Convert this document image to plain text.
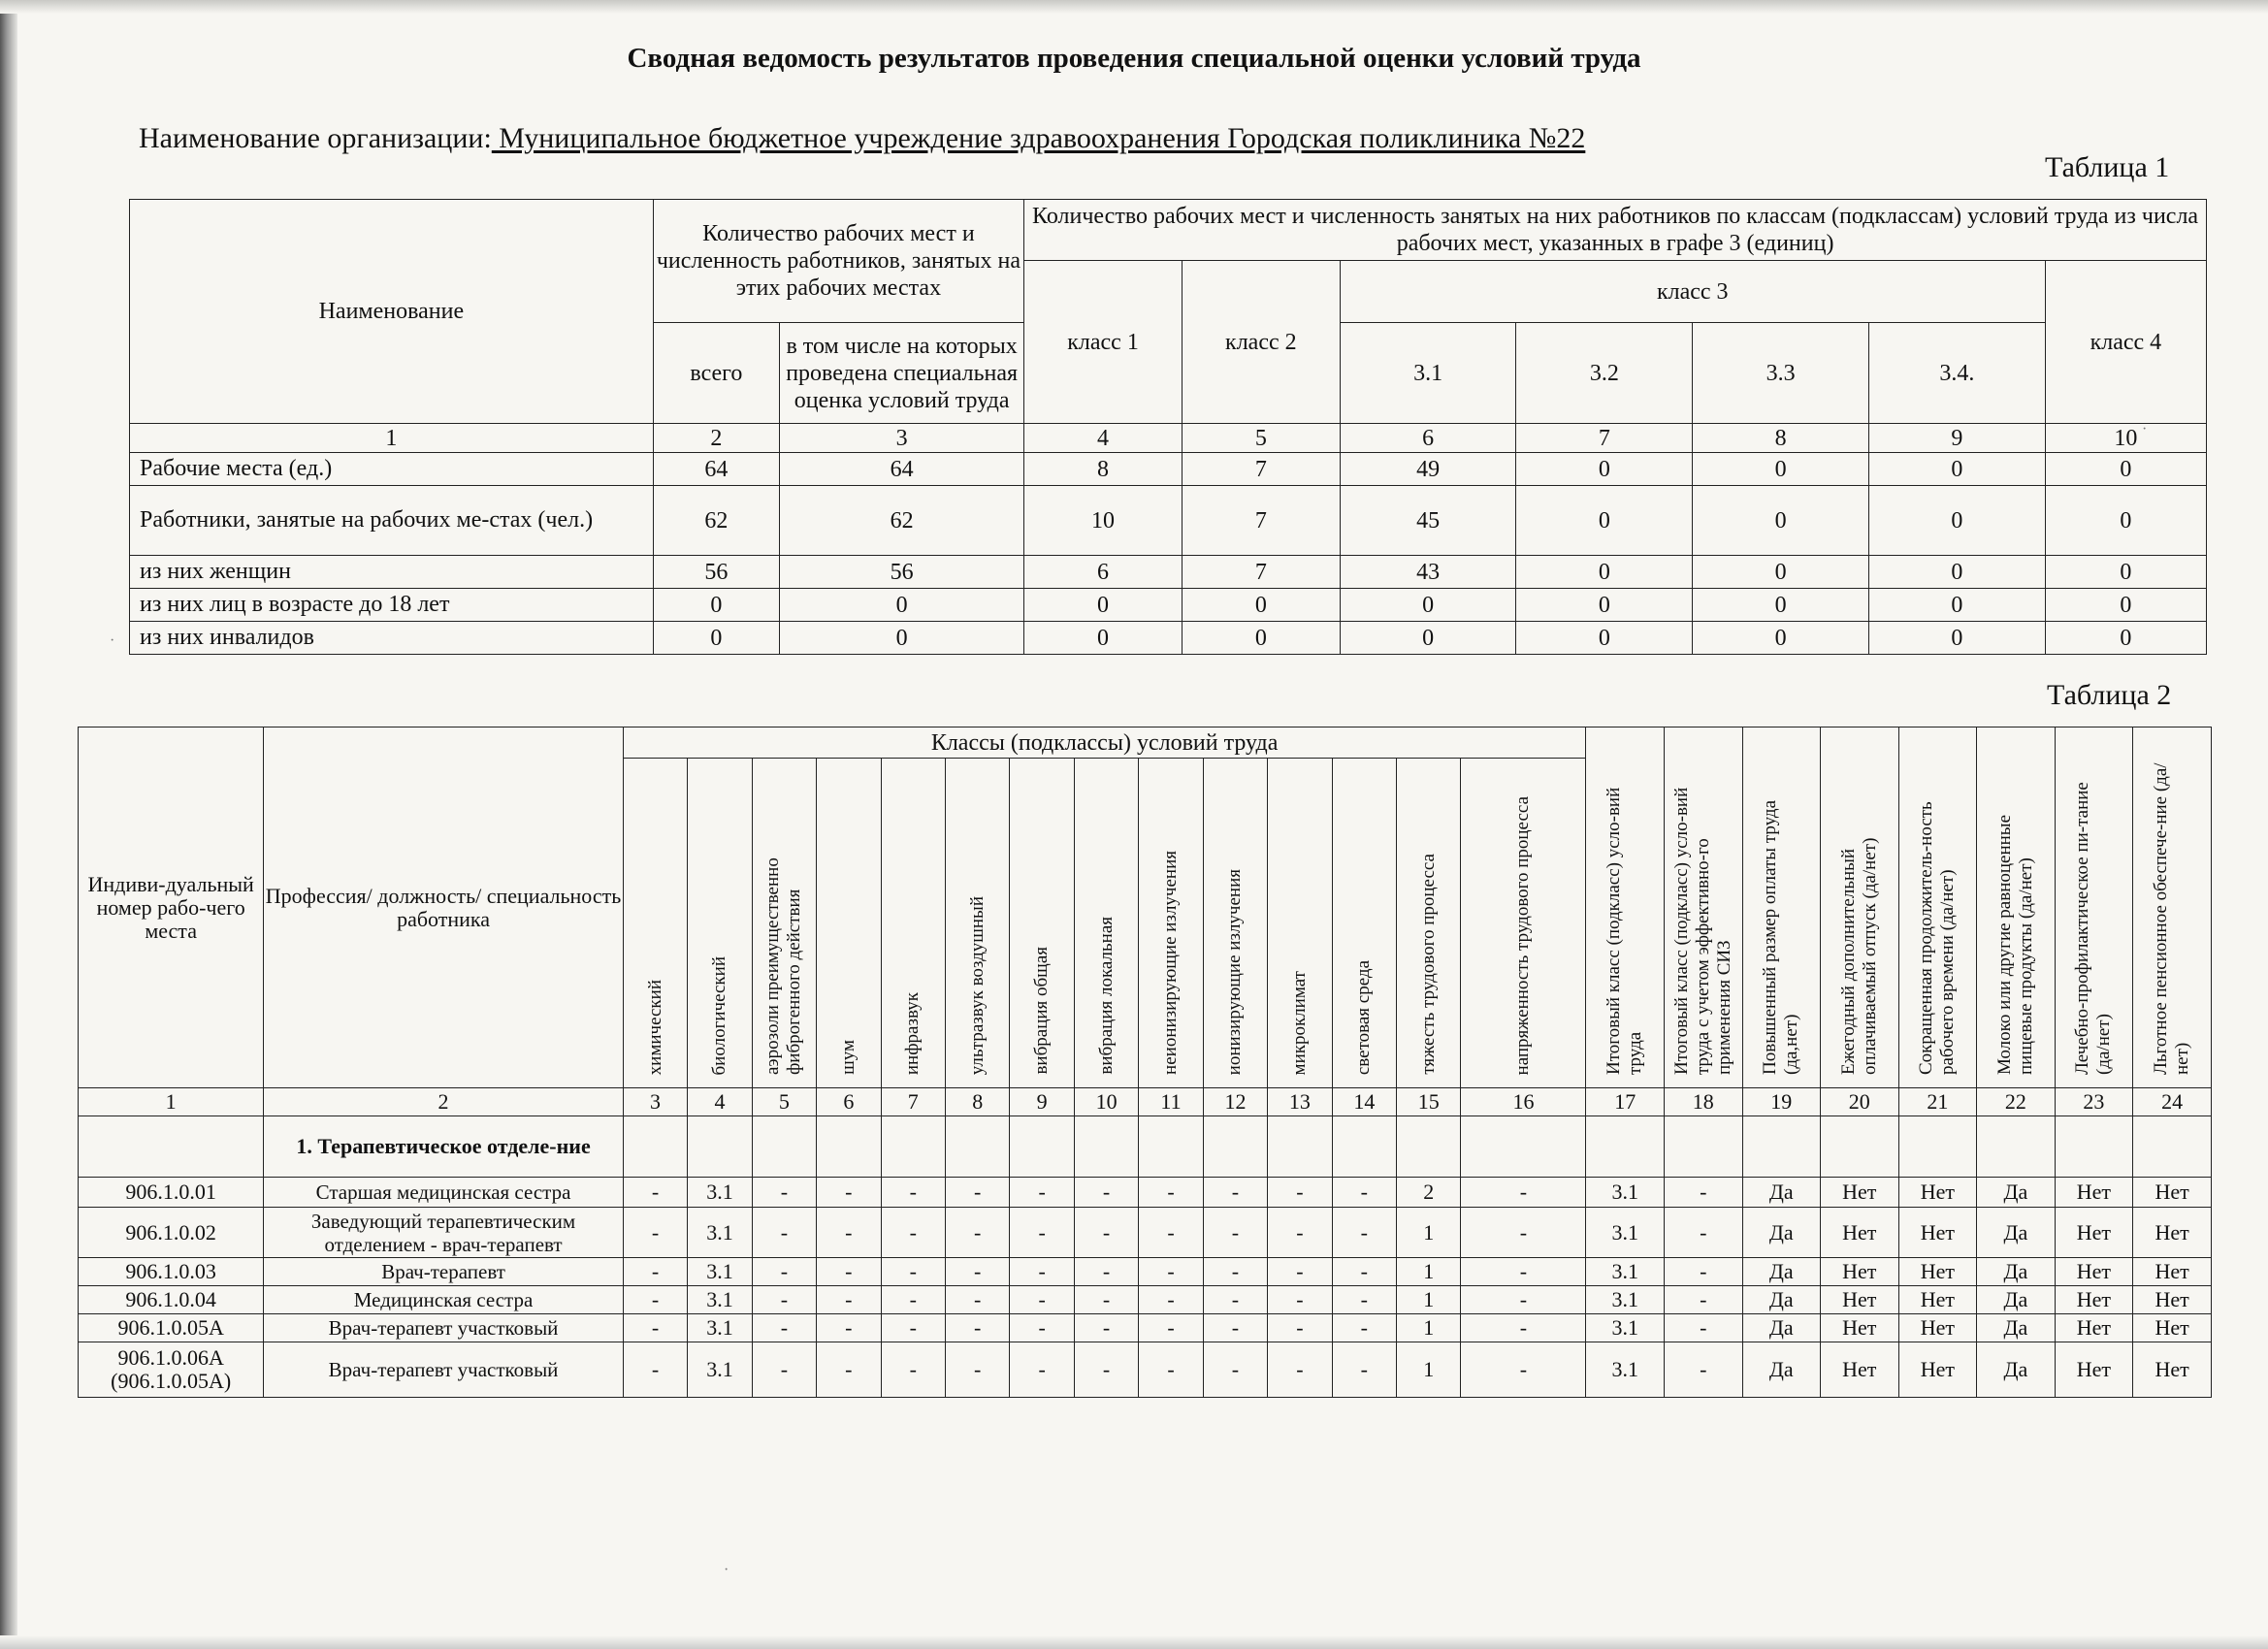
Сводная ведомость результатов проведения специальной оценки условий труда
Наименование организации: Муниципальное бюджетное учреждение здравоохранения Городская поликлиника №22
Таблица 1
Наименование	Количество рабочих мест и численность работников, занятых на этих рабочих местах		Количество рабочих мест и численность занятых на них работников по классам (подклассам) условий труда из числа рабочих мест, указанных в графе 3 (единиц)						
			класс 1	класс 2	класс 3				класс 4
	всего	в том числе на которых проведена специальная оценка условий труда			3.1	3.2	3.3	3.4.	
1	2	3	4	5	6	7	8	9	10
Рабочие места (ед.)	64	64	8	7	49	0	0	0	0
Работники, занятые на рабочих ме-стах (чел.)	62	62	10	7	45	0	0	0	0
из них женщин	56	56	6	7	43	0	0	0	0
из них лиц в возрасте до 18 лет	0	0	0	0	0	0	0	0	0
из них инвалидов	0	0	0	0	0	0	0	0	0
Таблица 2
Индиви-дуальный номер рабо-чего места	Профессия/ должность/ специальность работника	Классы (подклассы) условий труда														Итоговый класс (подкласс) усло-вий труда	Итоговый класс (подкласс) усло-вий труда с учетом эффективно-го применения СИЗ	Повышенный размер оплаты труда (да,нет)	Ежегодный дополнительный оплачиваемый отпуск (да/нет)	Сокращенная продолжитель-ность рабочего времени (да/нет)	Молоко или другие равноценные пищевые продукты (да/нет)	Лечебно-профилактическое пи-тание (да/нет)	Льготное пенсионное обеспече-ние (да/нет)
		химический	биологический	аэрозоли преимущественно фиброгенного действия	шум	инфразвук	ультразвук воздушный	вибрация общая	вибрация локальная	неионизирующие излучения	ионизирующие излучения	микроклимат	световая среда	тяжесть трудового процесса	напряженность трудового процесса								
1	2	3	4	5	6	7	8	9	10	11	12	13	14	15	16	17	18	19	20	21	22	23	24
	1. Терапевтическое отделе-ние																						
906.1.0.01	Старшая медицинская сестра	-	3.1	-	-	-	-	-	-	-	-	-	-	2	-	3.1	-	Да	Нет	Нет	Да	Нет	Нет
906.1.0.02	Заведующий терапевтическим отделением - врач-терапевт	-	3.1	-	-	-	-	-	-	-	-	-	-	1	-	3.1	-	Да	Нет	Нет	Да	Нет	Нет
906.1.0.03	Врач-терапевт	-	3.1	-	-	-	-	-	-	-	-	-	-	1	-	3.1	-	Да	Нет	Нет	Да	Нет	Нет
906.1.0.04	Медицинская сестра	-	3.1	-	-	-	-	-	-	-	-	-	-	1	-	3.1	-	Да	Нет	Нет	Да	Нет	Нет
906.1.0.05А	Врач-терапевт участковый	-	3.1	-	-	-	-	-	-	-	-	-	-	1	-	3.1	-	Да	Нет	Нет	Да	Нет	Нет
906.1.0.06А (906.1.0.05А)	Врач-терапевт участковый	-	3.1	-	-	-	-	-	-	-	-	-	-	1	-	3.1	-	Да	Нет	Нет	Да	Нет	Нет
·
·
·
